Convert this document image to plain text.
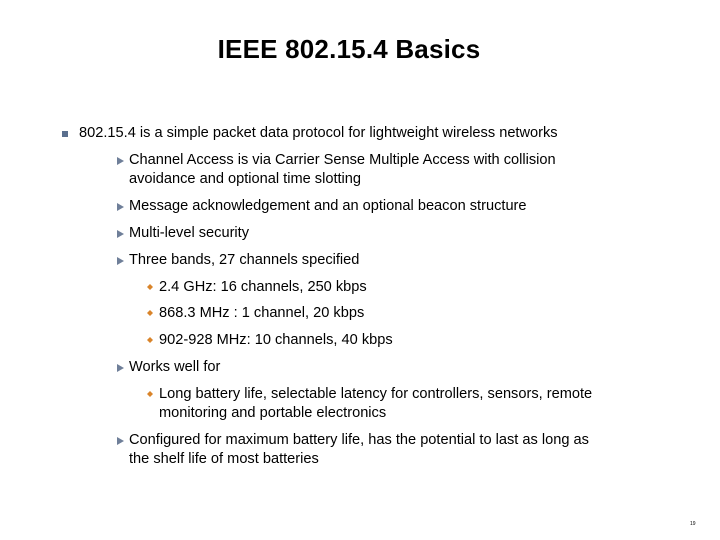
IEEE 802.15.4 Basics
802.15.4 is a simple packet data protocol for lightweight wireless networks
Channel Access is via Carrier Sense Multiple Access with collision
avoidance and optional time slotting
Message acknowledgement and an optional beacon structure
Multi-level security
Three bands, 27 channels specified
2.4 GHz: 16 channels, 250 kbps
868.3 MHz : 1 channel, 20 kbps
902-928 MHz: 10 channels, 40 kbps
Works well for
Long battery life, selectable latency for controllers, sensors, remote
monitoring and portable electronics
Configured for maximum battery life, has the potential to last as long as
the shelf life of most batteries
19
